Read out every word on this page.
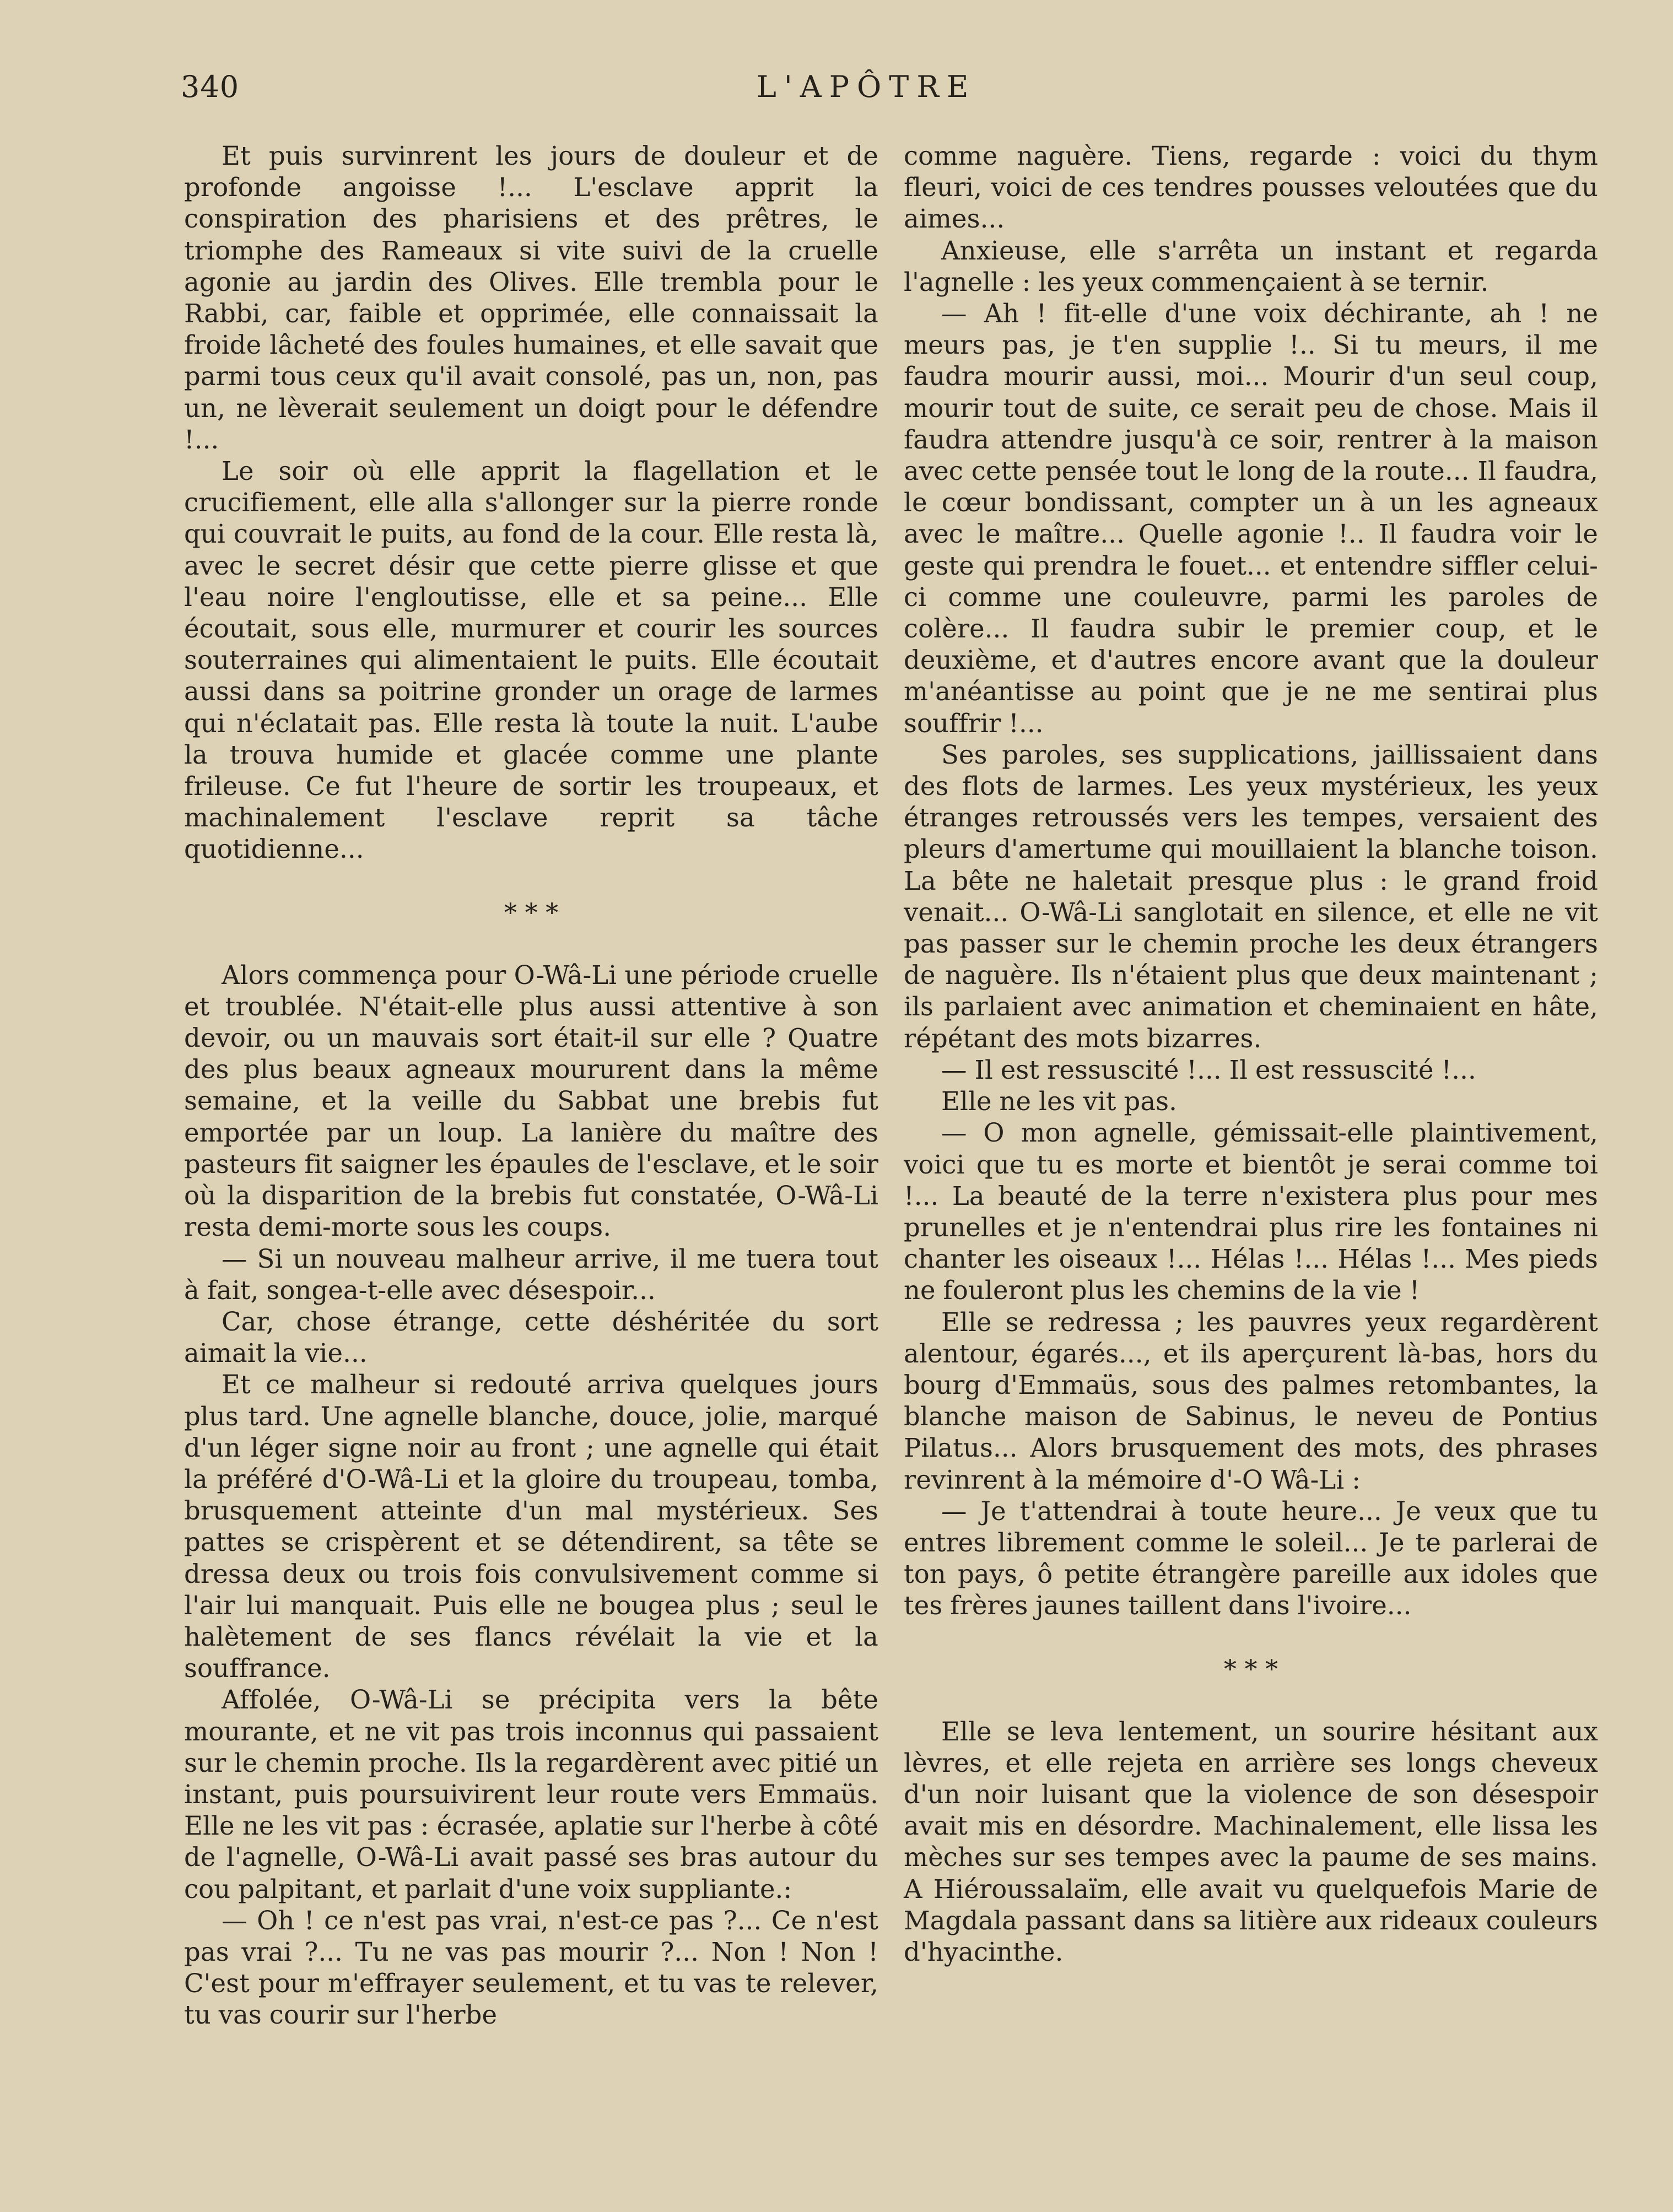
340	L'APÔTRE

Et puis survinrent les jours de douleur et de profonde angoisse !... L'esclave apprit la conspiration des pharisiens et des prêtres, le triomphe des Rameaux si vite suivi de la cruelle agonie au jardin des Olives. Elle trembla pour le Rabbi, car, faible et opprimée, elle connaissait la froide lâcheté des foules humaines, et elle savait que parmi tous ceux qu'il avait consolé, pas un, non, pas un, ne lèverait seulement un doigt pour le défendre !...

Le soir où elle apprit la flagellation et le crucifiement, elle alla s'allonger sur la pierre ronde qui couvrait le puits, au fond de la cour. Elle resta là, avec le secret désir que cette pierre glisse et que l'eau noire l'engloutisse, elle et sa peine... Elle écoutait, sous elle, murmurer et courir les sources souterraines qui alimentaient le puits. Elle écoutait aussi dans sa poitrine gronder un orage de larmes qui n'éclatait pas. Elle resta là toute la nuit. L'aube la trouva humide et glacée comme une plante frileuse. Ce fut l'heure de sortir les troupeaux, et machinalement l'esclave reprit sa tâche quotidienne...

* * *

Alors commença pour O-Wâ-Li une période cruelle et troublée. N'était-elle plus aussi attentive à son devoir, ou un mauvais sort était-il sur elle ? Quatre des plus beaux agneaux moururent dans la même semaine, et la veille du Sabbat une brebis fut emportée par un loup. La lanière du maître des pasteurs fit saigner les épaules de l'esclave, et le soir où la disparition de la brebis fut constatée, O-Wâ-Li resta demi-morte sous les coups.

— Si un nouveau malheur arrive, il me tuera tout à fait, songea-t-elle avec désespoir...

Car, chose étrange, cette déshéritée du sort aimait la vie...

Et ce malheur si redouté arriva quelques jours plus tard. Une agnelle blanche, douce, jolie, marqué d'un léger signe noir au front ; une agnelle qui était la préféré d'O-Wâ-Li et la gloire du troupeau, tomba, brusquement atteinte d'un mal mystérieux. Ses pattes se crispèrent et se détendirent, sa tête se dressa deux ou trois fois convulsivement comme si l'air lui manquait. Puis elle ne bougea plus ; seul le halètement de ses flancs révélait la vie et la souffrance.

Affolée, O-Wâ-Li se précipita vers la bête mourante, et ne vit pas trois inconnus qui passaient sur le chemin proche. Ils la regardèrent avec pitié un instant, puis poursuivirent leur route vers Emmaüs. Elle ne les vit pas : écrasée, aplatie sur l'herbe à côté de l'agnelle, O-Wâ-Li avait passé ses bras autour du cou palpitant, et parlait d'une voix suppliante.:

— Oh ! ce n'est pas vrai, n'est-ce pas ?... Ce n'est pas vrai ?... Tu ne vas pas mourir ?... Non ! Non ! C'est pour m'effrayer seulement, et tu vas te relever, tu vas courir sur l'herbe

comme naguère. Tiens, regarde : voici du thym fleuri, voici de ces tendres pousses veloutées que du aimes...

Anxieuse, elle s'arrêta un instant et regarda l'agnelle : les yeux commençaient à se ternir.

— Ah ! fit-elle d'une voix déchirante, ah ! ne meurs pas, je t'en supplie !.. Si tu meurs, il me faudra mourir aussi, moi... Mourir d'un seul coup, mourir tout de suite, ce serait peu de chose. Mais il faudra attendre jusqu'à ce soir, rentrer à la maison avec cette pensée tout le long de la route... Il faudra, le cœur bondissant, compter un à un les agneaux avec le maître... Quelle agonie !.. Il faudra voir le geste qui prendra le fouet... et entendre siffler celui-ci comme une couleuvre, parmi les paroles de colère... Il faudra subir le premier coup, et le deuxième, et d'autres encore avant que la douleur m'anéantisse au point que je ne me sentirai plus souffrir !...

Ses paroles, ses supplications, jaillissaient dans des flots de larmes. Les yeux mystérieux, les yeux étranges retroussés vers les tempes, versaient des pleurs d'amertume qui mouillaient la blanche toison. La bête ne haletait presque plus : le grand froid venait... O-Wâ-Li sanglotait en silence, et elle ne vit pas passer sur le chemin proche les deux étrangers de naguère. Ils n'étaient plus que deux maintenant ; ils parlaient avec animation et cheminaient en hâte, répétant des mots bizarres.

— Il est ressuscité !... Il est ressuscité !...

Elle ne les vit pas.

— O mon agnelle, gémissait-elle plaintivement, voici que tu es morte et bientôt je serai comme toi !... La beauté de la terre n'existera plus pour mes prunelles et je n'entendrai plus rire les fontaines ni chanter les oiseaux !... Hélas !... Hélas !... Mes pieds ne fouleront plus les chemins de la vie !

Elle se redressa ; les pauvres yeux regardèrent alentour, égarés..., et ils aperçurent là-bas, hors du bourg d'Emmaüs, sous des palmes retombantes, la blanche maison de Sabinus, le neveu de Pontius Pilatus... Alors brusquement des mots, des phrases revinrent à la mémoire d'-O Wâ-Li :

— Je t'attendrai à toute heure... Je veux que tu entres librement comme le soleil... Je te parlerai de ton pays, ô petite étrangère pareille aux idoles que tes frères jaunes taillent dans l'ivoire...

* * *

Elle se leva lentement, un sourire hésitant aux lèvres, et elle rejeta en arrière ses longs cheveux d'un noir luisant que la violence de son désespoir avait mis en désordre. Machinalement, elle lissa les mèches sur ses tempes avec la paume de ses mains. A Hiéroussalaïm, elle avait vu quelquefois Marie de Magdala passant dans sa litière aux rideaux couleurs d'hyacinthe.
